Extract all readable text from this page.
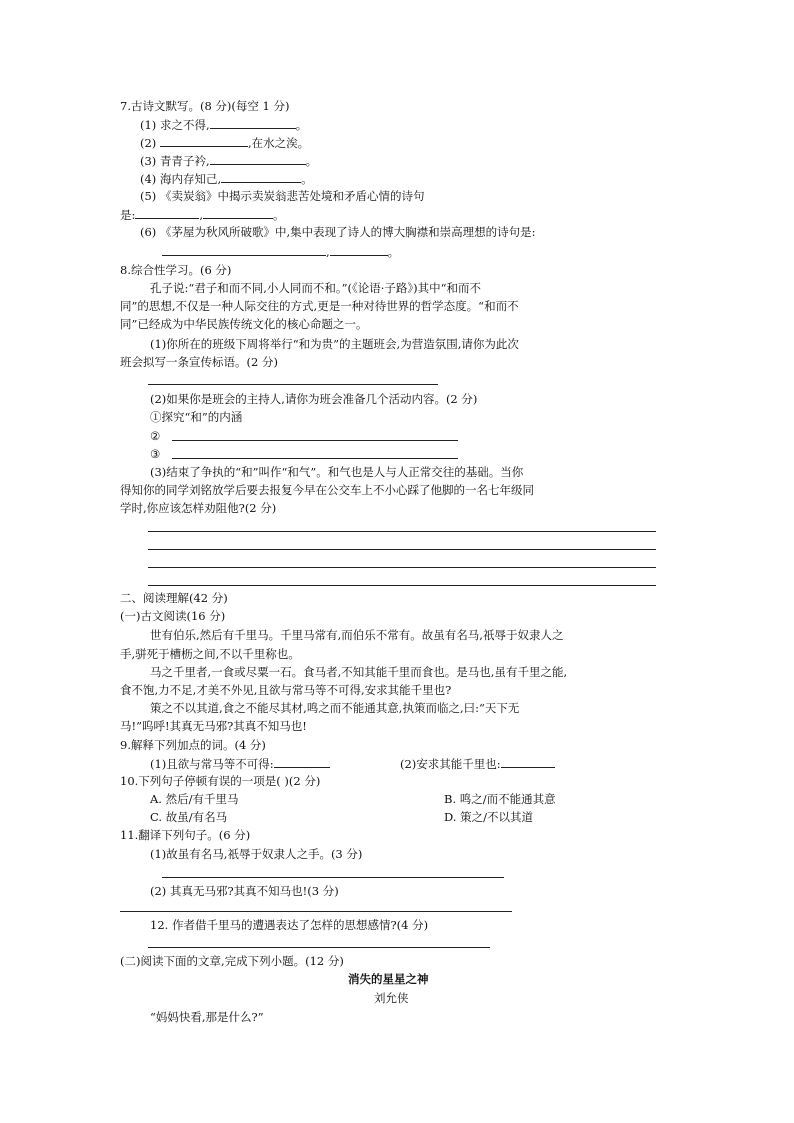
7.古诗文默写。(8 分)(每空 1 分)
(1) 求之不得,	。
(2)	,在水之涘。
(3) 青青子衿,	。
(4) 海内存知己,	。
(5) 《卖炭翁》中揭示卖炭翁悲苦处境和矛盾心情的诗句
是:	,	。
(6) 《茅屋为秋风所破歌》中,集中表现了诗人的博大胸襟和崇高理想的诗句是:
,	。
8.综合性学习。(6 分)
孔子说:“君子和而不同,小人同而不和。”(《论语·子路》)其中“和而不
同”的思想,不仅是一种人际交往的方式,更是一种对待世界的哲学态度。“和而不
同”已经成为中华民族传统文化的核心命题之一。
(1)你所在的班级下周将举行“和为贵”的主题班会,为营造氛围,请你为此次
班会拟写一条宣传标语。(2 分)
(2)如果你是班会的主持人,请你为班会准备几个活动内容。(2 分)
①探究“和”的内涵
②
③
(3)结束了争执的“和”叫作“和气”。和气也是人与人正常交往的基础。当你
得知你的同学刘铭放学后要去报复今早在公交车上不小心踩了他脚的一名七年级同
学时,你应该怎样劝阻他?(2 分)
二、阅读理解(42 分)
(一)古文阅读(16 分)
世有伯乐,然后有千里马。千里马常有,而伯乐不常有。故虽有名马,祇辱于奴隶人之
手,骈死于槽枥之间,不以千里称也。
马之千里者,一食或尽粟一石。食马者,不知其能千里而食也。是马也,虽有千里之能,
食不饱,力不足,才美不外见,且欲与常马等不可得,安求其能千里也?
策之不以其道,食之不能尽其材,鸣之而不能通其意,执策而临之,曰:“天下无
马!”呜呼!其真无马邪?其真不知马也!
9.解释下列加点的词。(4 分)
(1)且欲与常马等不可得:	(2)安求其能千里也:
10.下列句子停顿有误的一项是( )(2 分)
A. 然后/有千里马	B. 鸣之/而不能通其意
C. 故虽/有名马	D. 策之/不以其道
11.翻译下列句子。(6 分)
(1)故虽有名马,祇辱于奴隶人之手。(3 分)
(2) 其真无马邪?其真不知马也!(3 分)
12. 作者借千里马的遭遇表达了怎样的思想感情?(4 分)
(二)阅读下面的文章,完成下列小题。(12 分)
消失的星星之神
刘允侠
“妈妈快看,那是什么?”
